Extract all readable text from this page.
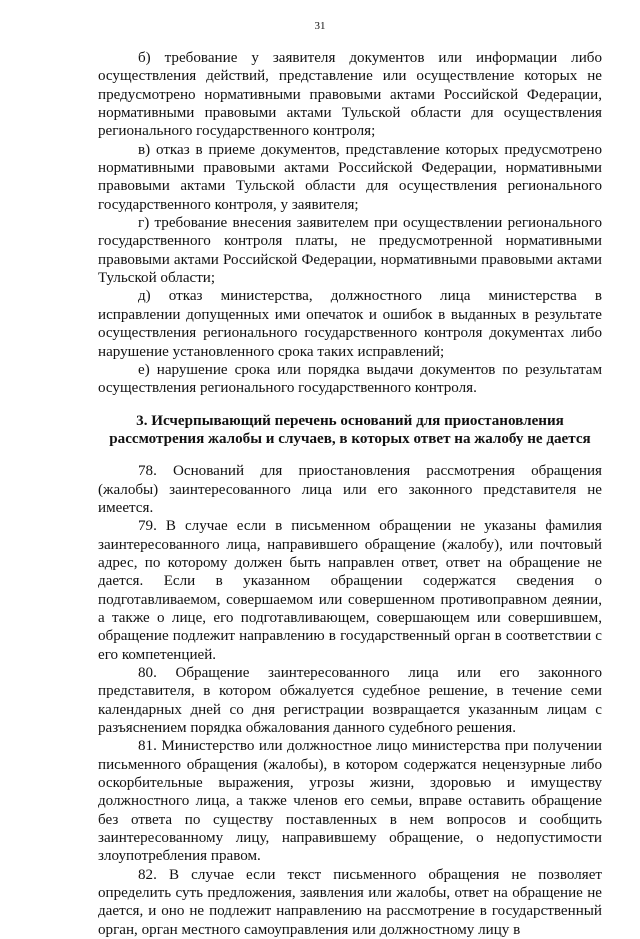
31

б) требование у заявителя документов или информации либо осуществления действий, представление или осуществление которых не предусмотрено нормативными правовыми актами Российской Федерации, нормативными правовыми актами Тульской области для осуществления регионального государственного контроля;

в) отказ в приеме документов, представление которых предусмотрено нормативными правовыми актами Российской Федерации, нормативными правовыми актами Тульской области для осуществления регионального государственного контроля, у заявителя;

г) требование внесения заявителем при осуществлении регионального государственного контроля платы, не предусмотренной нормативными правовыми актами Российской Федерации, нормативными правовыми актами Тульской области;

д) отказ министерства, должностного лица министерства в исправлении допущенных ими опечаток и ошибок в выданных в результате осуществления регионального государственного контроля документах либо нарушение установленного срока таких исправлений;

е) нарушение срока или порядка выдачи документов по результатам осуществления регионального государственного контроля.

3. Исчерпывающий перечень оснований для приостановления рассмотрения жалобы и случаев, в которых ответ на жалобу не дается

78. Оснований для приостановления рассмотрения обращения (жалобы) заинтересованного лица или его законного представителя не имеется.

79. В случае если в письменном обращении не указаны фамилия заинтересованного лица, направившего обращение (жалобу), или почтовый адрес, по которому должен быть направлен ответ, ответ на обращение не дается. Если в указанном обращении содержатся сведения о подготавливаемом, совершаемом или совершенном противоправном деянии, а также о лице, его подготавливающем, совершающем или совершившем, обращение подлежит направлению в государственный орган в соответствии с его компетенцией.

80. Обращение заинтересованного лица или его законного представителя, в котором обжалуется судебное решение, в течение семи календарных дней со дня регистрации возвращается указанным лицам с разъяснением порядка обжалования данного судебного решения.

81. Министерство или должностное лицо министерства при получении письменного обращения (жалобы), в котором содержатся нецензурные либо оскорбительные выражения, угрозы жизни, здоровью и имуществу должностного лица, а также членов его семьи, вправе оставить обращение без ответа по существу поставленных в нем вопросов и сообщить заинтересованному лицу, направившему обращение, о недопустимости злоупотребления правом.

82. В случае если текст письменного обращения не позволяет определить суть предложения, заявления или жалобы, ответ на обращение не дается, и оно не подлежит направлению на рассмотрение в государственный орган, орган местного самоуправления или должностному лицу в
